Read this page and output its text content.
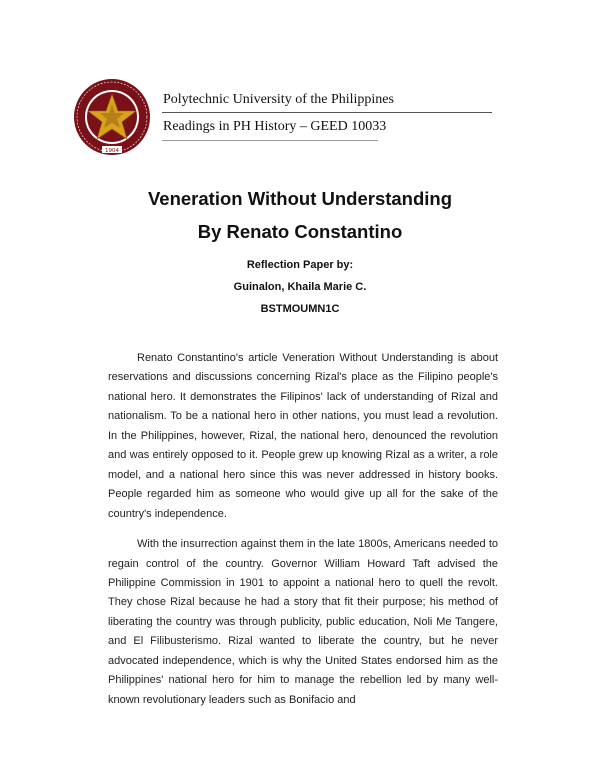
1904
Polytechnic University of the Philippines
Readings in PH History – GEED 10033
Veneration Without Understanding
By Renato Constantino
Reflection Paper by:
Guinalon, Khaila Marie C.
BSTMOUMN1C

Renato Constantino's article Veneration Without Understanding is about reservations and discussions concerning Rizal's place as the Filipino people's national hero. It demonstrates the Filipinos' lack of understanding of Rizal and nationalism. To be a national hero in other nations, you must lead a revolution. In the Philippines, however, Rizal, the national hero, denounced the revolution and was entirely opposed to it. People grew up knowing Rizal as a writer, a role model, and a national hero since this was never addressed in history books. People regarded him as someone who would give up all for the sake of the country's independence.

With the insurrection against them in the late 1800s, Americans needed to regain control of the country. Governor William Howard Taft advised the Philippine Commission in 1901 to appoint a national hero to quell the revolt. They chose Rizal because he had a story that fit their purpose; his method of liberating the country was through publicity, public education, Noli Me Tangere, and El Filibusterismo. Rizal wanted to liberate the country, but he never advocated independence, which is why the United States endorsed him as the Philippines' national hero for him to manage the rebellion led by many well-known revolutionary leaders such as Bonifacio and
